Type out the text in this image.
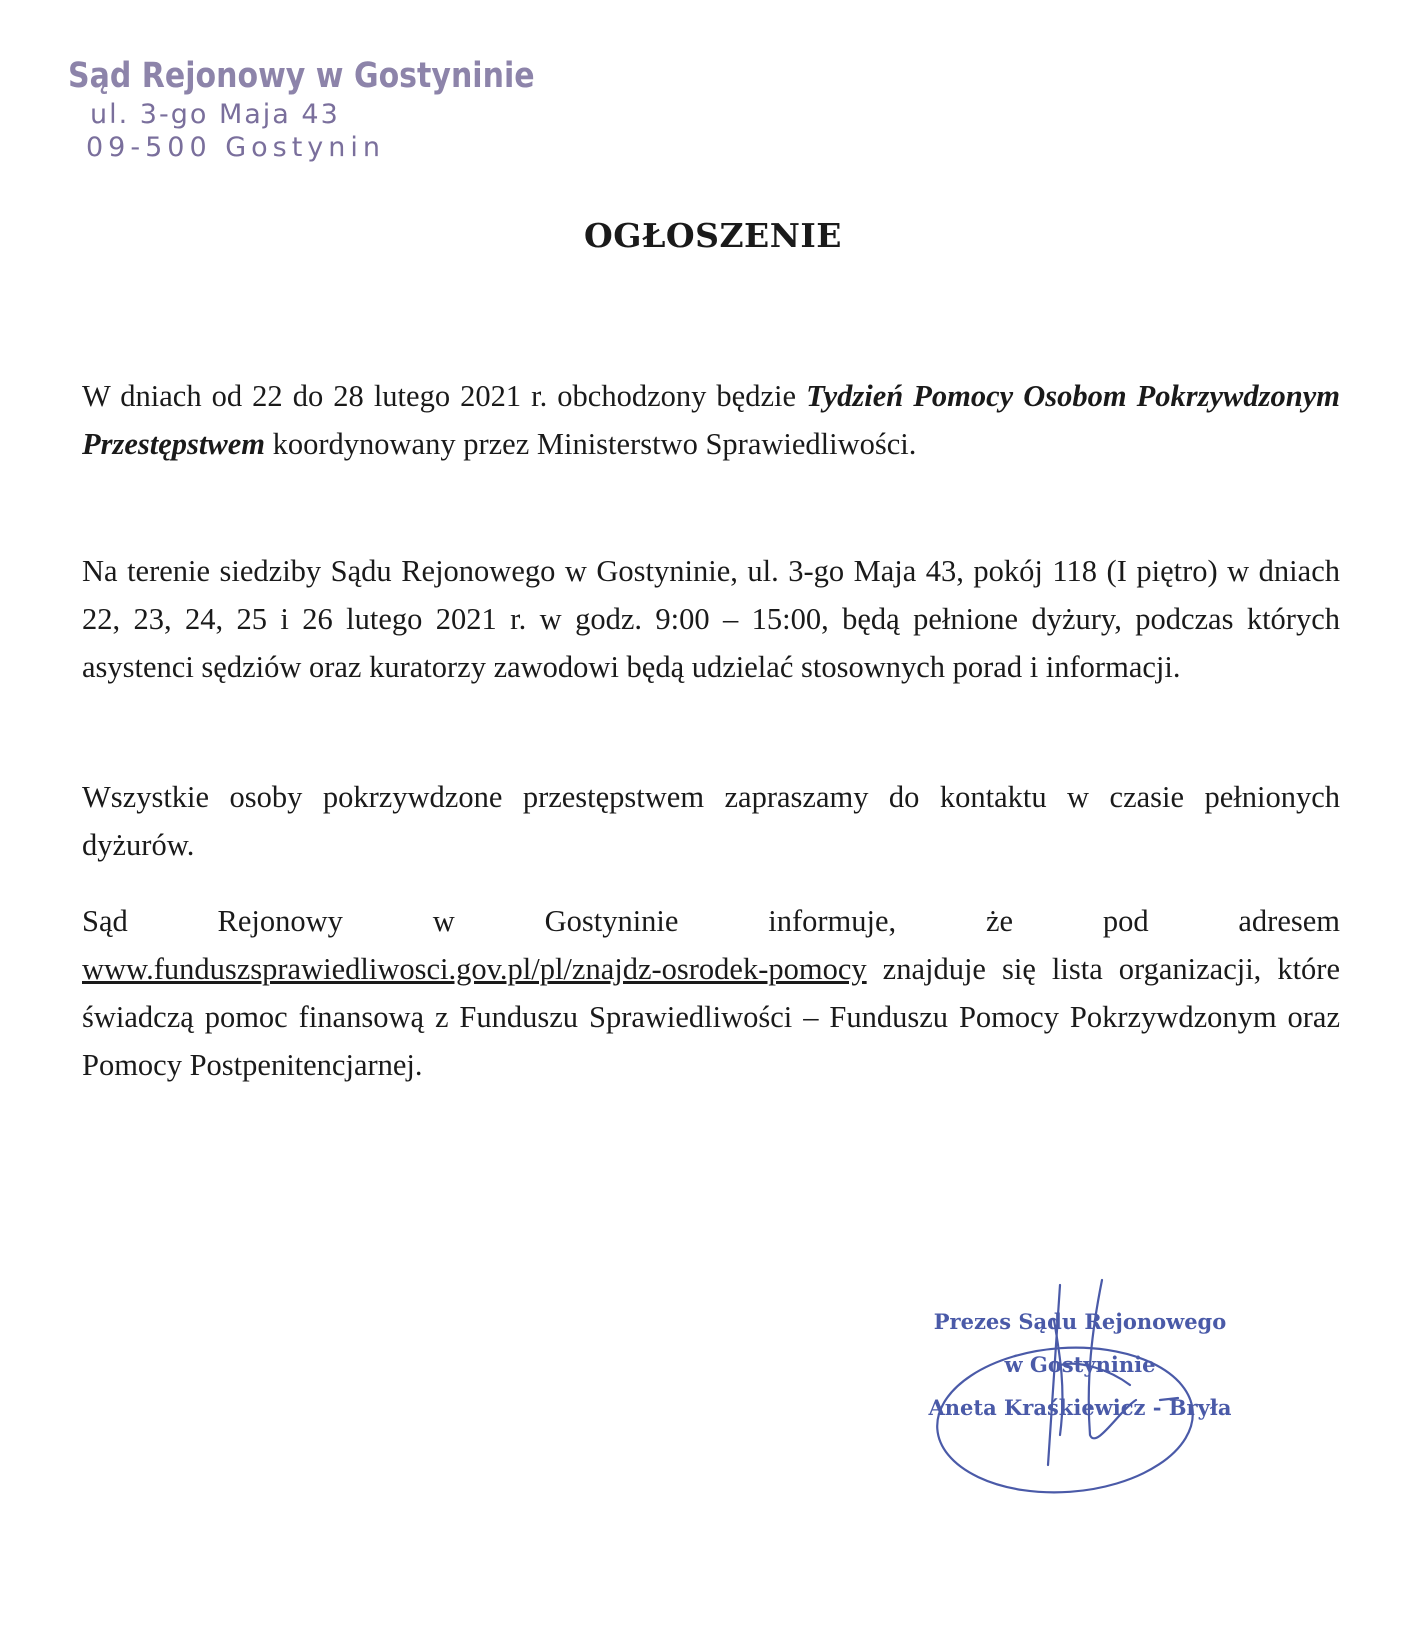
Sąd Rejonowy w Gostyninie
ul. 3-go Maja 43
09-500 Gostynin
OGŁOSZENIE

W dniach od 22 do 28 lutego 2021 r. obchodzony będzie Tydzień Pomocy Osobom Pokrzywdzonym Przestępstwem koordynowany przez Ministerstwo Sprawiedliwości.

Na terenie siedziby Sądu Rejonowego w Gostyninie, ul. 3-go Maja 43, pokój 118 (I piętro) w dniach 22, 23, 24, 25 i 26 lutego 2021 r. w godz. 9:00 – 15:00, będą pełnione dyżury, podczas których asystenci sędziów oraz kuratorzy zawodowi będą udzielać stosownych porad i informacji.

Wszystkie osoby pokrzywdzone przestępstwem zapraszamy do kontaktu w czasie pełnionych dyżurów.

Sąd Rejonowy w Gostyninie informuje, że pod adresem www.funduszsprawiedliwosci.gov.pl/pl/znajdz-osrodek-pomocy znajduje się lista organizacji, które świadczą pomoc finansową z Funduszu Sprawiedliwości – Funduszu Pomocy Pokrzywdzonym oraz Pomocy Postpenitencjarnej.

Prezes Sądu Rejonowego
w Gostyninie
Aneta Kraśkiewicz - Bryła
